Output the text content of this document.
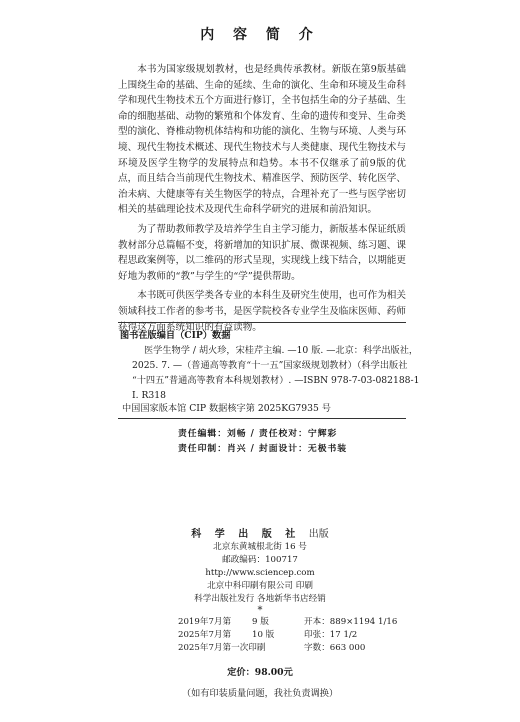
内 容 简 介

本书为国家级规划教材，也是经典传承教材。新版在第9版基础上围绕生命的基础、生命的延续、生命的演化、生命和环境及生命科学和现代生物技术五个方面进行修订，全书包括生命的分子基础、生命的细胞基础、动物的繁殖和个体发育、生命的遗传和变异、生命类型的演化、脊椎动物机体结构和功能的演化、生物与环境、人类与环境、现代生物技术概述、现代生物技术与人类健康、现代生物技术与环境及医学生物学的发展特点和趋势。本书不仅继承了前9版的优点，而且结合当前现代生物技术、精准医学、预防医学、转化医学、治未病、大健康等有关生物医学的特点，合理补充了一些与医学密切相关的基础理论技术及现代生命科学研究的进展和前沿知识。

为了帮助教师教学及培养学生自主学习能力，新版基本保证纸质教材部分总篇幅不变，将新增加的知识扩展、微课视频、练习题、课程思政案例等，以二维码的形式呈现，实现线上线下结合，以期能更好地为教师的“教”与学生的“学”提供帮助。

本书既可供医学类各专业的本科生及研究生使用，也可作为相关领域科技工作者的参考书，是医学院校各专业学生及临床医师、药师获得这方面系统知识的有益读物。

图书在版编目（CIP）数据
医学生物学 / 胡火珍，宋桂芹主编. —10 版. —北京：科学出版社，
2025. 7. —（普通高等教育“十一五”国家级规划教材）（科学出版社
“十四五”普通高等教育本科规划教材）. —ISBN 978-7-03-082188-1
Ⅰ. R318
中国国家版本馆 CIP 数据核字第 2025KG7935 号
责任编辑：刘畅 / 责任校对：宁辉彩
责任印制：肖兴 / 封面设计：无极书装
科 学 出 版 社 出版
北京东黄城根北街 16 号
邮政编码：100717
http://www.sciencep.com
北京中科印刷有限公司 印刷
科学出版社发行 各地新华书店经销
*
2019年7月第 9 版	开本：889×1194 1/16
2025年7月第 10 版	印张：17 1/2
2025年7月第一次印刷	字数：663 000
定价：98.00元
（如有印装质量问题，我社负责调换）
